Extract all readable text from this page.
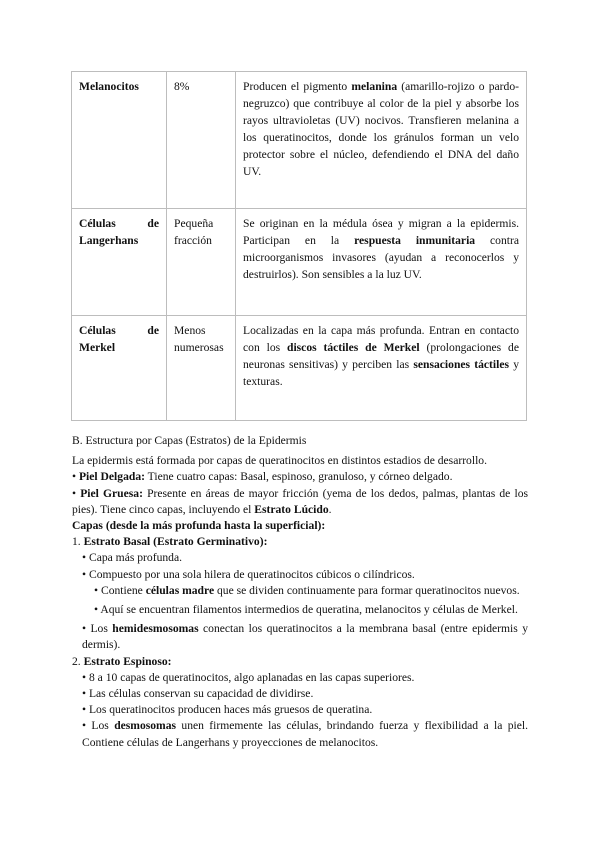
Melanocitos	8%	Producen el pigmento melanina (amarillo-rojizo o pardo-negruzco) que contribuye al color de la piel y absorbe los rayos ultravioletas (UV) nocivos. Transfieren melanina a los queratinocitos, donde los gránulos forman un velo protector sobre el núcleo, defendiendo el DNA del daño UV.
Células de Langerhans	Pequeña fracción	Se originan en la médula ósea y migran a la epidermis. Participan en la respuesta inmunitaria contra microorganismos invasores (ayudan a reconocerlos y destruirlos). Son sensibles a la luz UV.
Células de Merkel	Menos numerosas	Localizadas en la capa más profunda. Entran en contacto con los discos táctiles de Merkel (prolongaciones de neuronas sensitivas) y perciben las sensaciones táctiles y texturas.

B. Estructura por Capas (Estratos) de la Epidermis

La epidermis está formada por capas de queratinocitos en distintos estadios de desarrollo.

• Piel Delgada: Tiene cuatro capas: Basal, espinoso, granuloso, y córneo delgado.

• Piel Gruesa: Presente en áreas de mayor fricción (yema de los dedos, palmas, plantas de los pies). Tiene cinco capas, incluyendo el Estrato Lúcido.

Capas (desde la más profunda hasta la superficial):

1. Estrato Basal (Estrato Germinativo):

• Capa más profunda.

• Compuesto por una sola hilera de queratinocitos cúbicos o cilíndricos.

• Contiene células madre que se dividen continuamente para formar queratinocitos nuevos.

• Aquí se encuentran filamentos intermedios de queratina, melanocitos y células de Merkel.

• Los hemidesmosomas conectan los queratinocitos a la membrana basal (entre epidermis y dermis).

2. Estrato Espinoso:

• 8 a 10 capas de queratinocitos, algo aplanadas en las capas superiores.

• Las células conservan su capacidad de dividirse.

• Los queratinocitos producen haces más gruesos de queratina.

• Los desmosomas unen firmemente las células, brindando fuerza y flexibilidad a la piel. Contiene células de Langerhans y proyecciones de melanocitos.
